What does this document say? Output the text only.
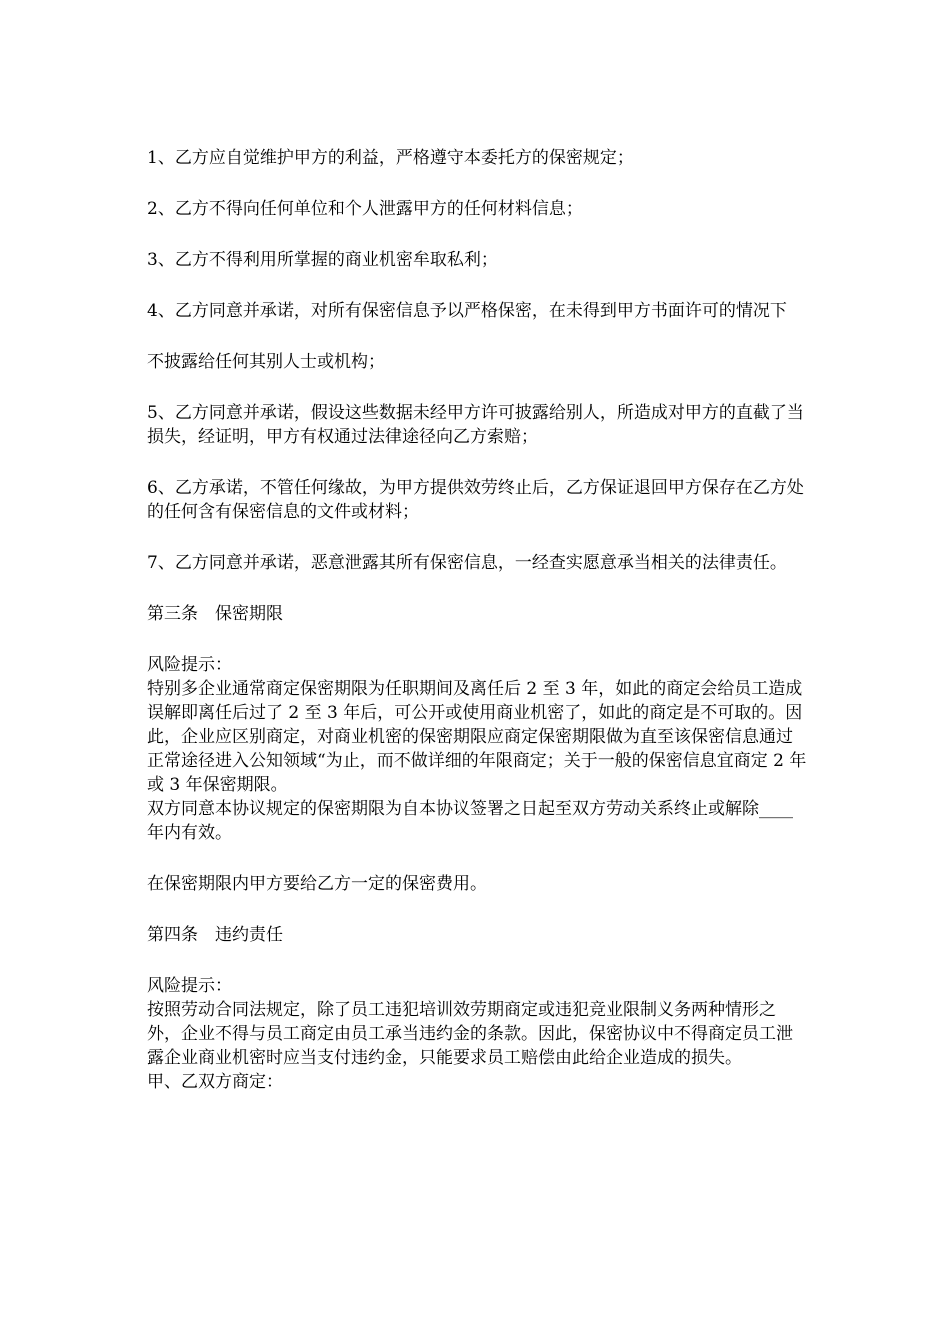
1、乙方应自觉维护甲方的利益，严格遵守本委托方的保密规定；

2、乙方不得向任何单位和个人泄露甲方的任何材料信息；

3、乙方不得利用所掌握的商业机密牟取私利；

4、乙方同意并承诺，对所有保密信息予以严格保密，在未得到甲方书面许可的情况下

不披露给任何其别人士或机构；

5、乙方同意并承诺，假设这些数据未经甲方许可披露给别人，所造成对甲方的直截了当损失，经证明，甲方有权通过法律途径向乙方索赔；

6、乙方承诺，不管任何缘故，为甲方提供效劳终止后，乙方保证退回甲方保存在乙方处的任何含有保密信息的文件或材料；

7、乙方同意并承诺，恶意泄露其所有保密信息，一经查实愿意承当相关的法律责任。

第三条　保密期限

风险提示：

特别多企业通常商定保密期限为任职期间及离任后 2 至 3 年，如此的商定会给员工造成误解即离任后过了 2 至 3 年后，可公开或使用商业机密了，如此的商定是不可取的。因此，企业应区别商定，对商业机密的保密期限应商定保密期限做为直至该保密信息通过正常途径进入公知领域“为止，而不做详细的年限商定；关于一般的保密信息宜商定 2 年或 3 年保密期限。

双方同意本协议规定的保密期限为自本协议签署之日起至双方劳动关系终止或解除____年内有效。

在保密期限内甲方要给乙方一定的保密费用。

第四条　违约责任

风险提示：

按照劳动合同法规定，除了员工违犯培训效劳期商定或违犯竞业限制义务两种情形之外，企业不得与员工商定由员工承当违约金的条款。因此，保密协议中不得商定员工泄露企业商业机密时应当支付违约金，只能要求员工赔偿由此给企业造成的损失。

甲、乙双方商定：
